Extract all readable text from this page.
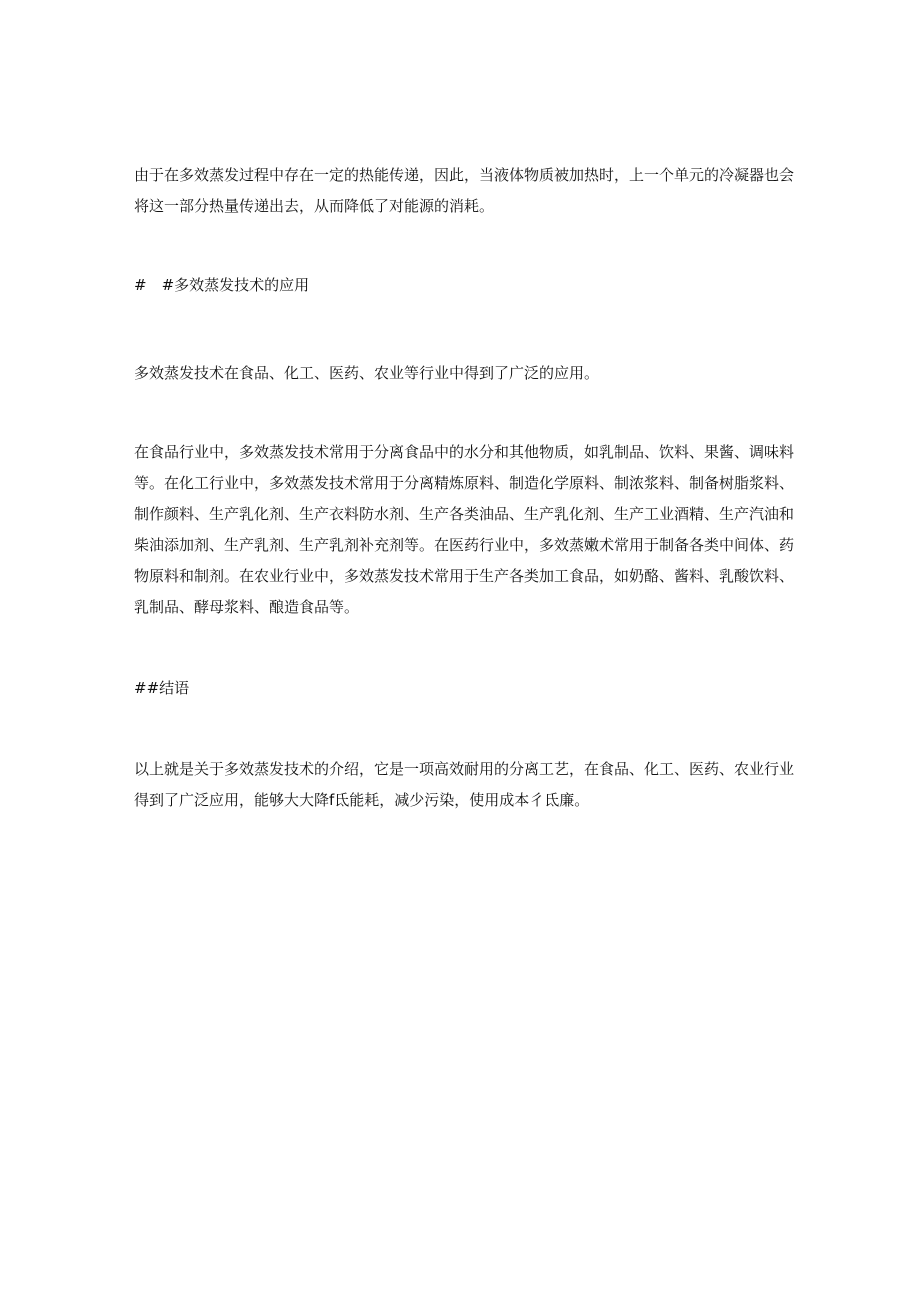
由于在多效蒸发过程中存在一定的热能传递，因此，当液体物质被加热时，上一个单元的冷凝器也会将这一部分热量传递出去，从而降低了对能源的消耗。

#　#多效蒸发技术的应用

多效蒸发技术在食品、化工、医药、农业等行业中得到了广泛的应用。

在食品行业中，多效蒸发技术常用于分离食品中的水分和其他物质，如乳制品、饮料、果酱、调味料等。在化工行业中，多效蒸发技术常用于分离精炼原料、制造化学原料、制浓浆料、制备树脂浆料、制作颜料、生产乳化剂、生产衣料防水剂、生产各类油品、生产乳化剂、生产工业酒精、生产汽油和柴油添加剂、生产乳剂、生产乳剂补充剂等。在医药行业中，多效蒸嫩术常用于制备各类中间体、药物原料和制剂。在农业行业中，多效蒸发技术常用于生产各类加工食品，如奶酪、酱料、乳酸饮料、乳制品、酵母浆料、酿造食品等。

##结语

以上就是关于多效蒸发技术的介绍，它是一项高效耐用的分离工艺，在食品、化工、医药、农业行业得到了广泛应用，能够大大降f氐能耗，减少污染，使用成本彳氐廉。
